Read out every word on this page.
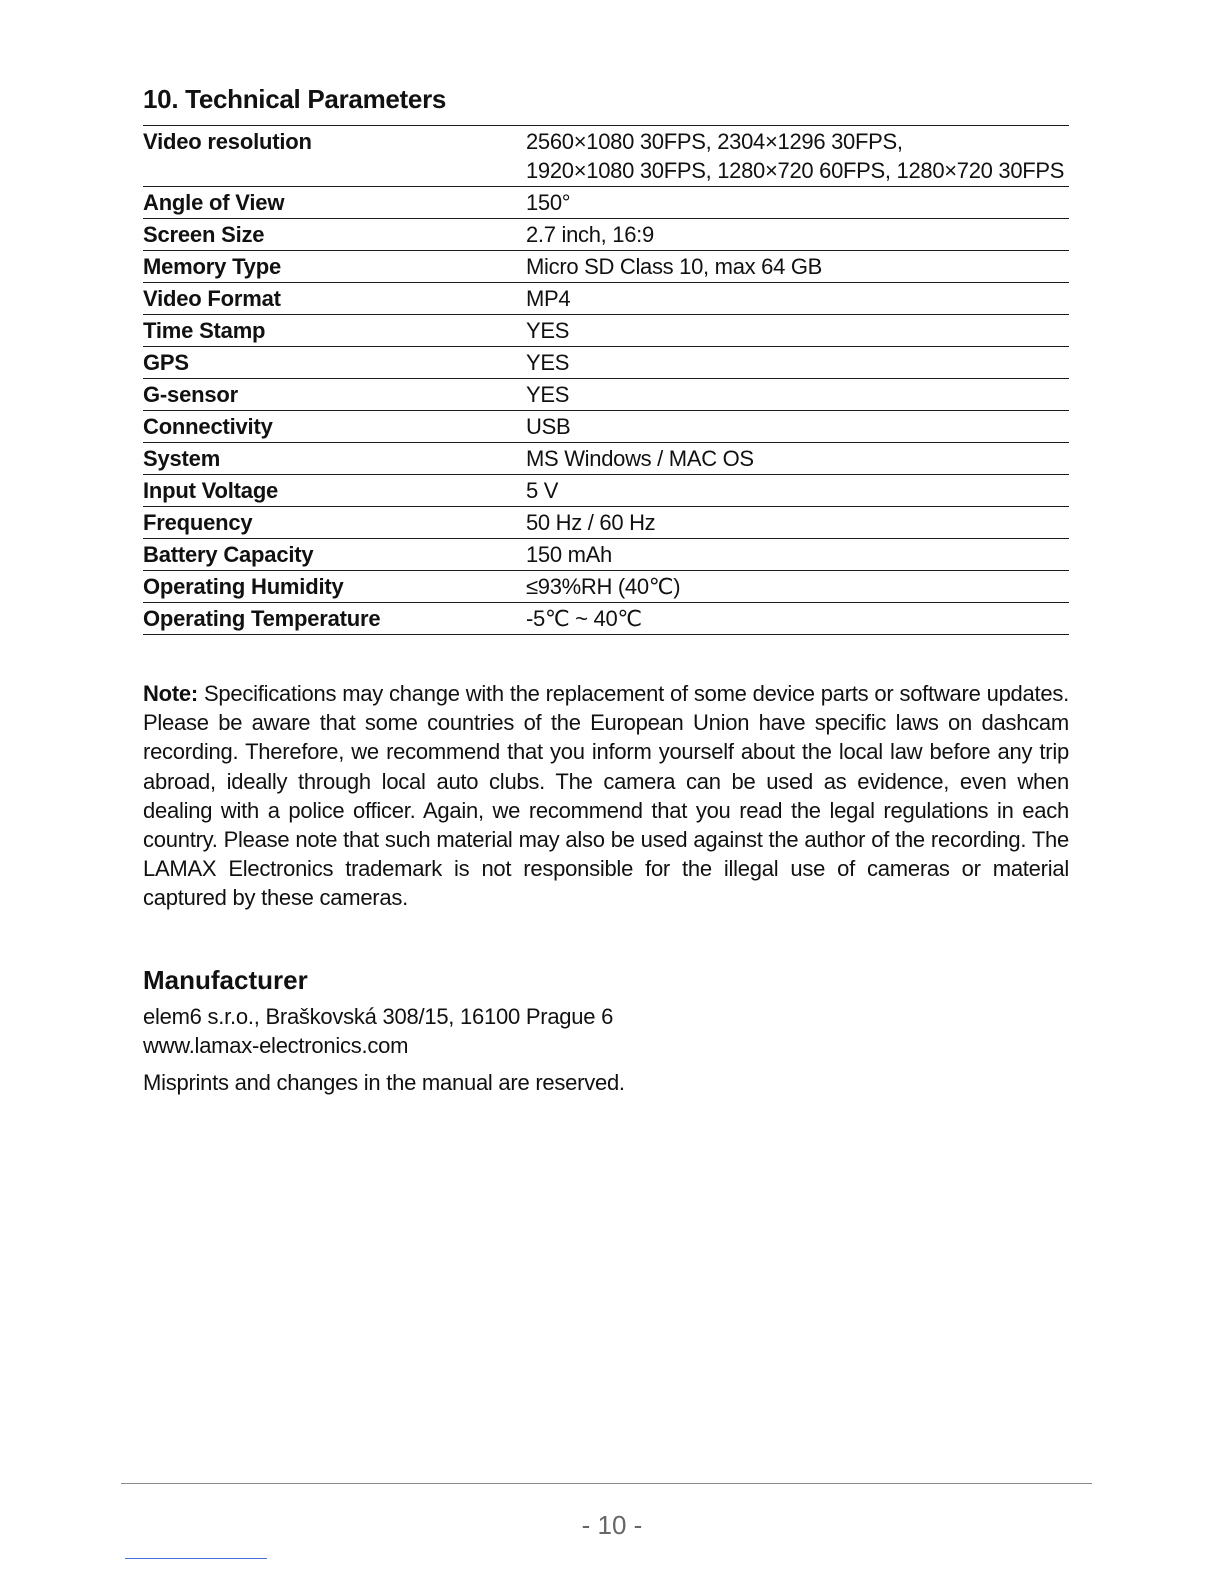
10. Technical Parameters
Video resolution	2560×1080 30FPS, 2304×1296 30FPS,
1920×1080 30FPS, 1280×720 60FPS, 1280×720 30FPS

Angle of View	150°
Screen Size	2.7 inch, 16:9
Memory Type	Micro SD Class 10, max 64 GB
Video Format	MP4
Time Stamp	YES
GPS	YES
G-sensor	YES
Connectivity	USB
System	MS Windows / MAC OS
Input Voltage	5 V
Frequency	50 Hz / 60 Hz
Battery Capacity	150 mAh
Operating Humidity	≤93%RH (40℃)
Operating Temperature	-5℃ ~ 40℃

Note: Specifications may change with the replacement of some device parts or software updates. Please be aware that some countries of the European Union have specific laws on dashcam recording. Therefore, we recommend that you inform yourself about the local law before any trip abroad, ideally through local auto clubs. The camera can be used as evidence, even when dealing with a police officer. Again, we recommend that you read the legal regulations in each country. Please note that such material may also be used against the author of the recording. The LAMAX Electronics trademark is not responsible for the illegal use of cameras or material captured by these cameras.

Manufacturer
elem6 s.r.o., Braškovská 308/15, 16100 Prague 6
www.lamax-electronics.com
Misprints and changes in the manual are reserved.
- 10 -
